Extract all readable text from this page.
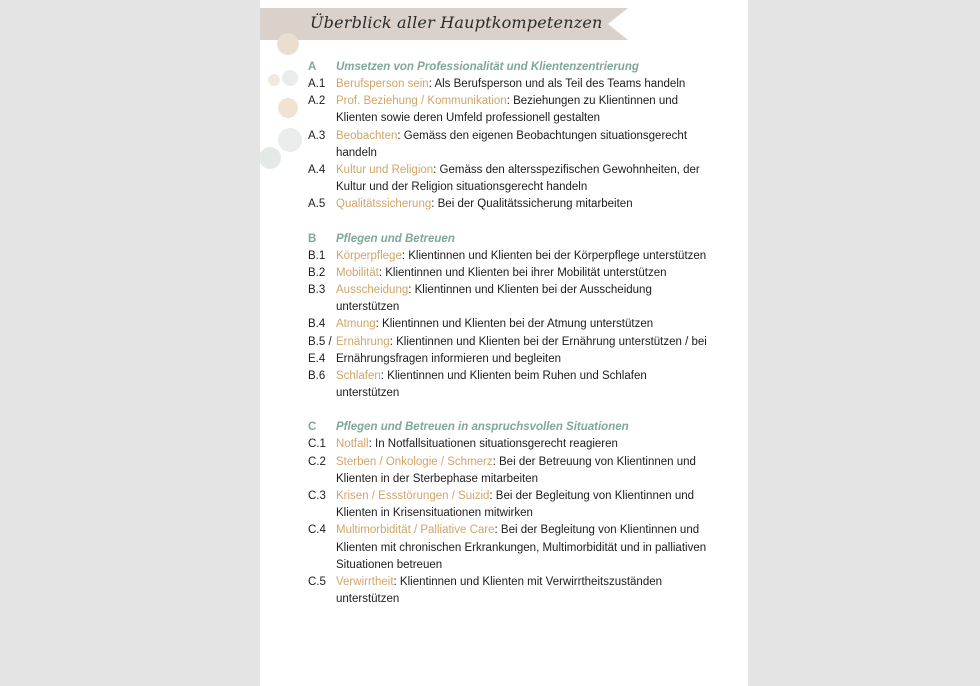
Überblick aller Hauptkompetenzen
A	Umsetzen von Professionalität und Klientenzentrierung
A.1 Berufsperson sein: Als Berufsperson und als Teil des Teams handeln
A.2 Prof. Beziehung / Kommunikation: Beziehungen zu Klientinnen und Klienten sowie deren Umfeld professionell gestalten
A.3 Beobachten: Gemäss den eigenen Beobachtungen situationsgerecht handeln
A.4 Kultur und Religion: Gemäss den altersspezifischen Gewohnheiten, der Kultur und der Religion situationsgerecht handeln
A.5 Qualitätssicherung: Bei der Qualitätssicherung mitarbeiten
B	Pflegen und Betreuen
B.1 Körperpflege: Klientinnen und Klienten bei der Körperpflege unterstützen
B.2 Mobilität: Klientinnen und Klienten bei ihrer Mobilität unterstützen
B.3 Ausscheidung: Klientinnen und Klienten bei der Ausscheidung unterstützen
B.4 Atmung: Klientinnen und Klienten bei der Atmung unterstützen
B.5 / E.4
Ernährung: Klientinnen und Klienten bei der Ernährung unterstützen / bei Ernährungsfragen informieren und begleiten
B.6 Schlafen: Klientinnen und Klienten beim Ruhen und Schlafen unterstützen
C	Pflegen und Betreuen in anspruchsvollen Situationen
C.1 Notfall: In Notfallsituationen situationsgerecht reagieren
C.2 Sterben / Onkologie / Schmerz: Bei der Betreuung von Klientinnen und Klienten in der Sterbephase mitarbeiten
C.3 Krisen / Essstörungen / Suizid: Bei der Begleitung von Klientinnen und Klienten in Krisensituationen mitwirken
C.4 Multimorbidität / Palliative Care: Bei der Begleitung von Klientinnen und Klienten mit chronischen Erkrankungen, Multimorbidität und in palliativen Situationen betreuen
C.5 Verwirrtheit: Klientinnen und Klienten mit Verwirrtheitszuständen unterstützen
